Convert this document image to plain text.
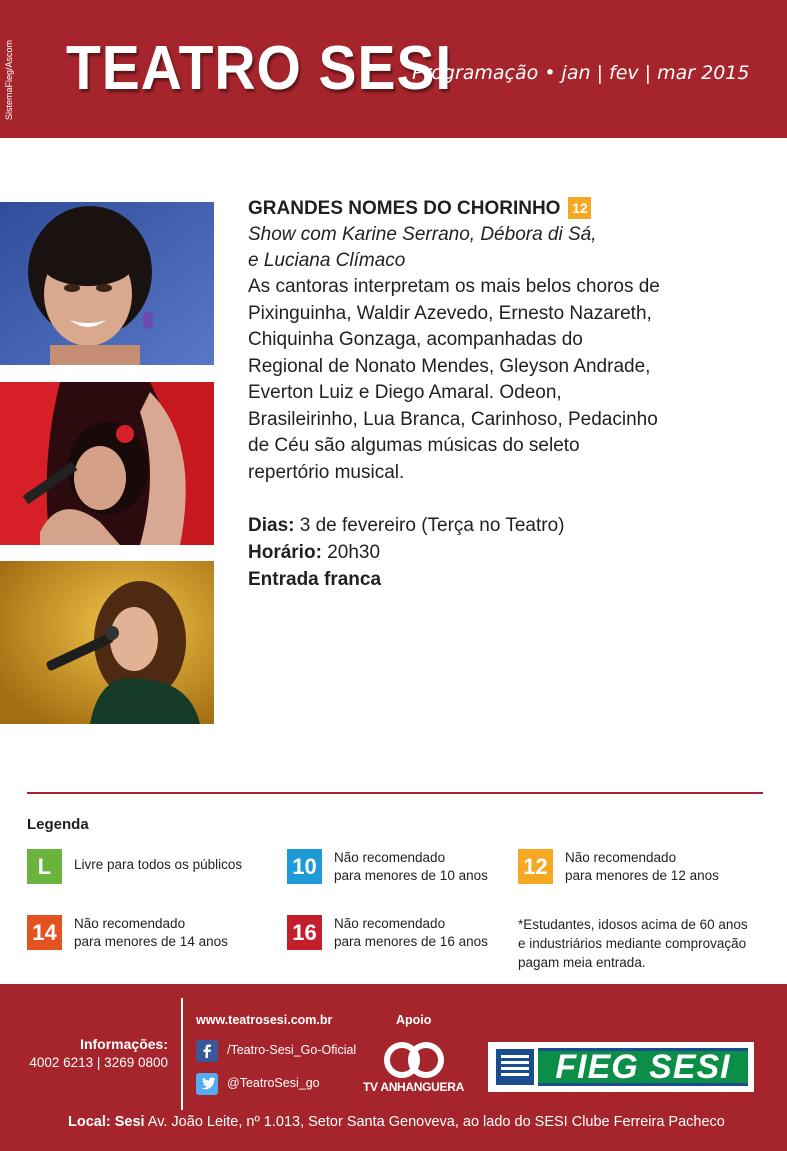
SistemaFieg/Ascom TEATRO SESI
Programação • jan | fev | mar 2015
GRANDES NOMES DO CHORINHO 12
Show com Karine Serrano, Débora di Sá,
e Luciana Clímaco
As cantoras interpretam os mais belos choros de
Pixinguinha, Waldir Azevedo, Ernesto Nazareth,
Chiquinha Gonzaga, acompanhadas do
Regional de Nonato Mendes, Gleyson Andrade,
Everton Luiz e Diego Amaral. Odeon,
Brasileirinho, Lua Branca, Carinhoso, Pedacinho
de Céu são algumas músicas do seleto
repertório musical.
Dias: 3 de fevereiro (Terça no Teatro)
Horário: 20h30
Entrada franca
Legenda
L	Livre para todos os públicos 10	Não recomendado
para menores de 10 anos 12	Não recomendado
para menores de 12 anos
14	Não recomendado
para menores de 14 anos	16	Não recomendado
para menores de 16 anos
*Estudantes, idosos acima de 60 anos
e industriários mediante comprovação
pagam meia entrada.
Informações:
4002 6213 | 3269 0800
www.teatrosesi.com.br
/Teatro-Sesi_Go-Oficial
@TeatroSesi_go
Apoio
TV ANHANGUERA
FIEG SESI
Local: Sesi Av. João Leite, nº 1.013, Setor Santa Genoveva, ao lado do SESI Clube Ferreira Pacheco
